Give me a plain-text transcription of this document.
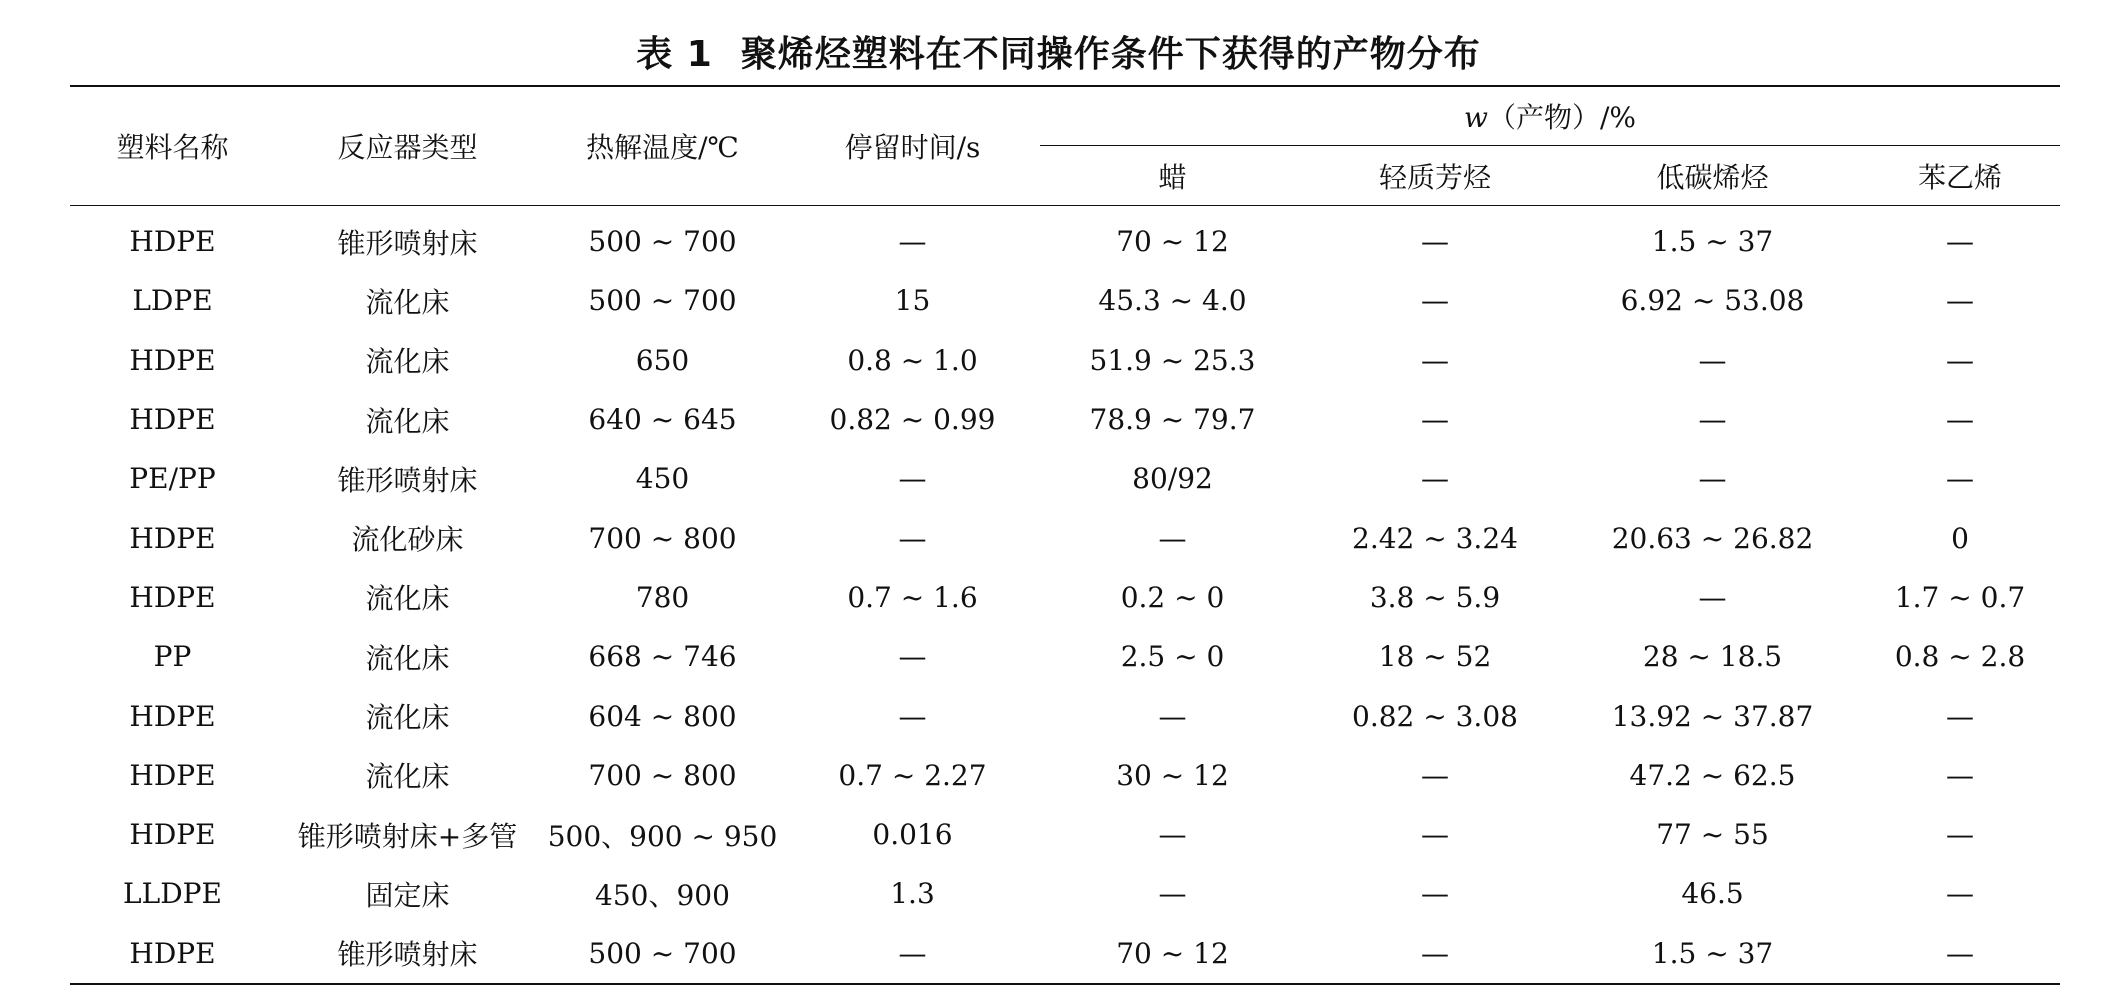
表 1 聚烯烃塑料在不同操作条件下获得的产物分布
塑料名称	反应器类型	热解温度/℃	停留时间/s	w（产物）/%			
				蜡	轻质芳烃	低碳烯烃	苯乙烯
HDPE	锥形喷射床	500 ~ 700	—	70 ~ 12	—	1.5 ~ 37	—
LDPE	流化床	500 ~ 700	15	45.3 ~ 4.0	—	6.92 ~ 53.08	—
HDPE	流化床	650	0.8 ~ 1.0	51.9 ~ 25.3	—	—	—
HDPE	流化床	640 ~ 645	0.82 ~ 0.99	78.9 ~ 79.7	—	—	—
PE/PP	锥形喷射床	450	—	80/92	—	—	—
HDPE	流化砂床	700 ~ 800	—	—	2.42 ~ 3.24	20.63 ~ 26.82	0
HDPE	流化床	780	0.7 ~ 1.6	0.2 ~ 0	3.8 ~ 5.9	—	1.7 ~ 0.7
PP	流化床	668 ~ 746	—	2.5 ~ 0	18 ~ 52	28 ~ 18.5	0.8 ~ 2.8
HDPE	流化床	604 ~ 800	—	—	0.82 ~ 3.08	13.92 ~ 37.87	—
HDPE	流化床	700 ~ 800	0.7 ~ 2.27	30 ~ 12	—	47.2 ~ 62.5	—
HDPE	锥形喷射床+多管	500、900 ~ 950	0.016	—	—	77 ~ 55	—
LLDPE	固定床	450、900	1.3	—	—	46.5	—
HDPE	锥形喷射床	500 ~ 700	—	70 ~ 12	—	1.5 ~ 37	—
